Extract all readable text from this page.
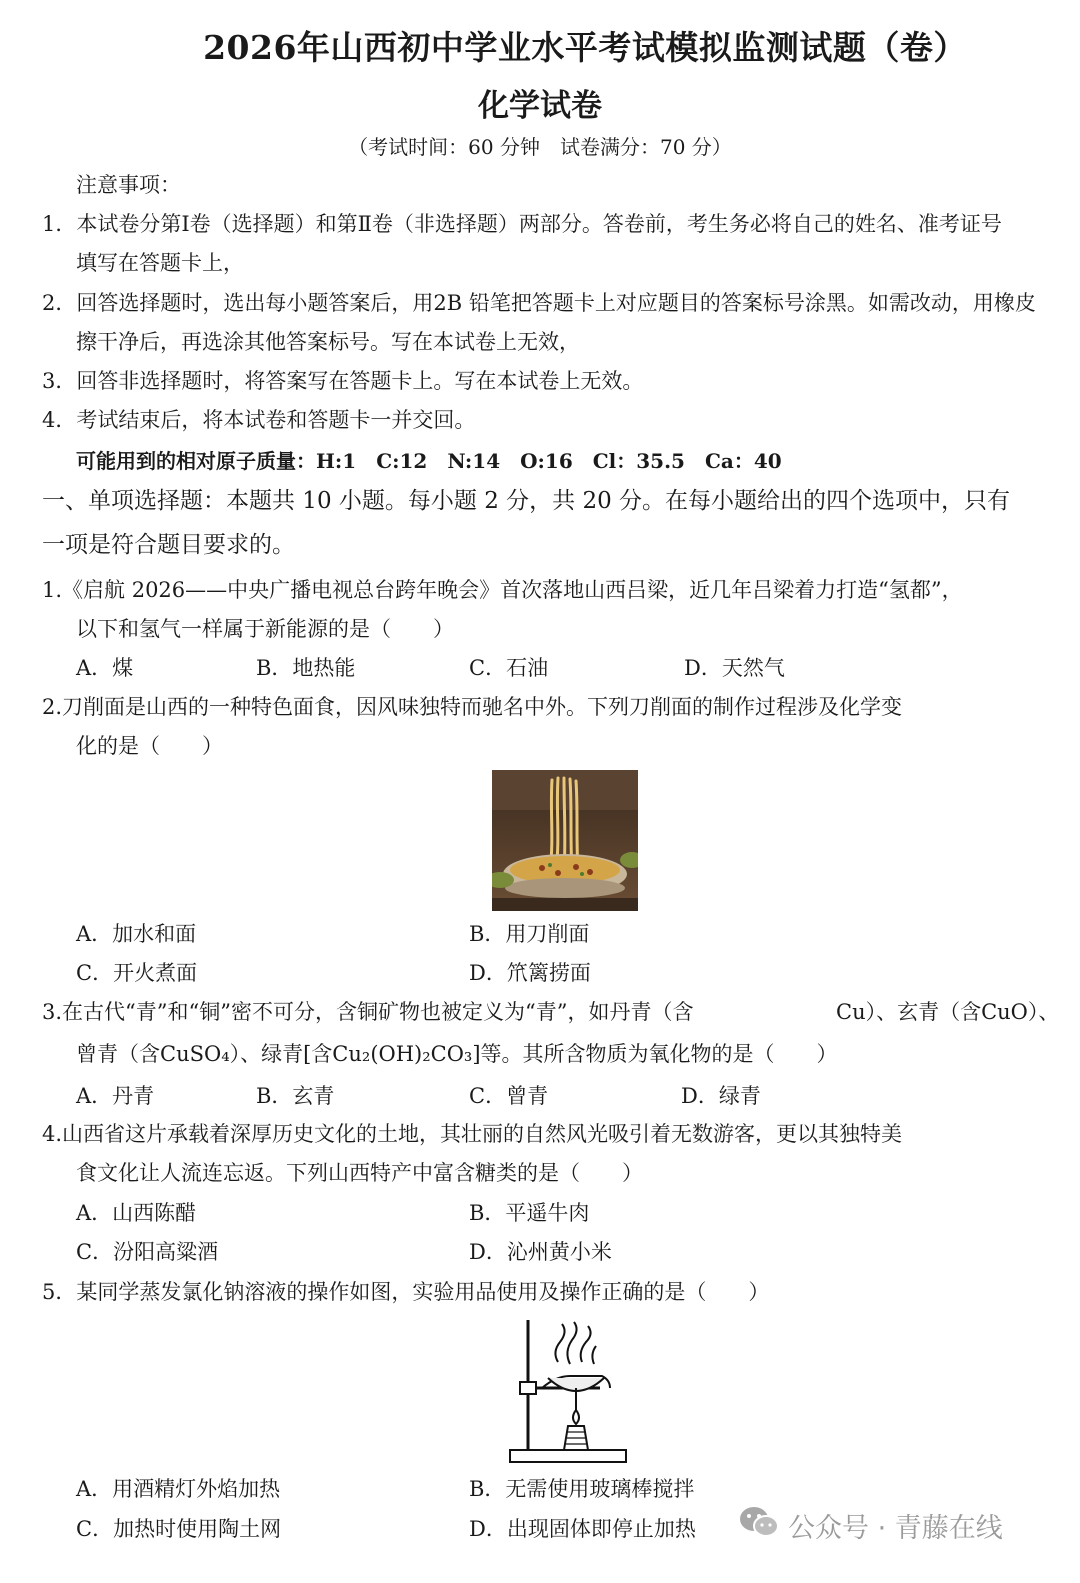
2026年山西初中学业水平考试模拟监测试题（卷）
化学试卷
（考试时间：60 分钟　试卷满分：70 分）
注意事项：
1．本试卷分第Ⅰ卷（选择题）和第Ⅱ卷（非选择题）两部分。答卷前，考生务必将自己的姓名、准考证号
填写在答题卡上，
2．回答选择题时，选出每小题答案后，用2B 铅笔把答题卡上对应题目的答案标号涂黑。如需改动，用橡皮
擦干净后，再选涂其他答案标号。写在本试卷上无效，
3．回答非选择题时，将答案写在答题卡上。写在本试卷上无效。
4．考试结束后，将本试卷和答题卡一并交回。
可能用到的相对原子质量：H:1　C:12　N:14　O:16　Cl：35.5　Ca：40
一、单项选择题：本题共 10 小题。每小题 2 分，共 20 分。在每小题给出的四个选项中，只有
一项是符合题目要求的。
1.《启航 2026——中央广播电视总台跨年晚会》首次落地山西吕梁，近几年吕梁着力打造“氢都”，
以下和氢气一样属于新能源的是（　　）
A．煤	B．地热能	C．石油	D．天然气
2.刀削面是山西的一种特色面食，因风味独特而驰名中外。下列刀削面的制作过程涉及化学变
化的是（　　）
A．加水和面	B．用刀削面
C．开火煮面	D．笊篱捞面
3.在古代“青”和“铜”密不可分，含铜矿物也被定义为“青”，如丹青（含	Cu）、玄青（含CuO）、
曾青（含CuSO₄）、绿青[含Cu₂(OH)₂CO₃]等。其所含物质为氧化物的是（　　）
A．丹青	B．玄青	C．曾青	D．绿青
4.山西省这片承载着深厚历史文化的土地，其壮丽的自然风光吸引着无数游客，更以其独特美
食文化让人流连忘返。下列山西特产中富含糖类的是（　　）
A．山西陈醋	B．平遥牛肉
C．汾阳高粱酒	D．沁州黄小米
5．某同学蒸发氯化钠溶液的操作如图，实验用品使用及操作正确的是（　　）
A．用酒精灯外焰加热	B．无需使用玻璃棒搅拌
C．加热时使用陶土网	D．出现固体即停止加热	公众号 · 青藤在线
